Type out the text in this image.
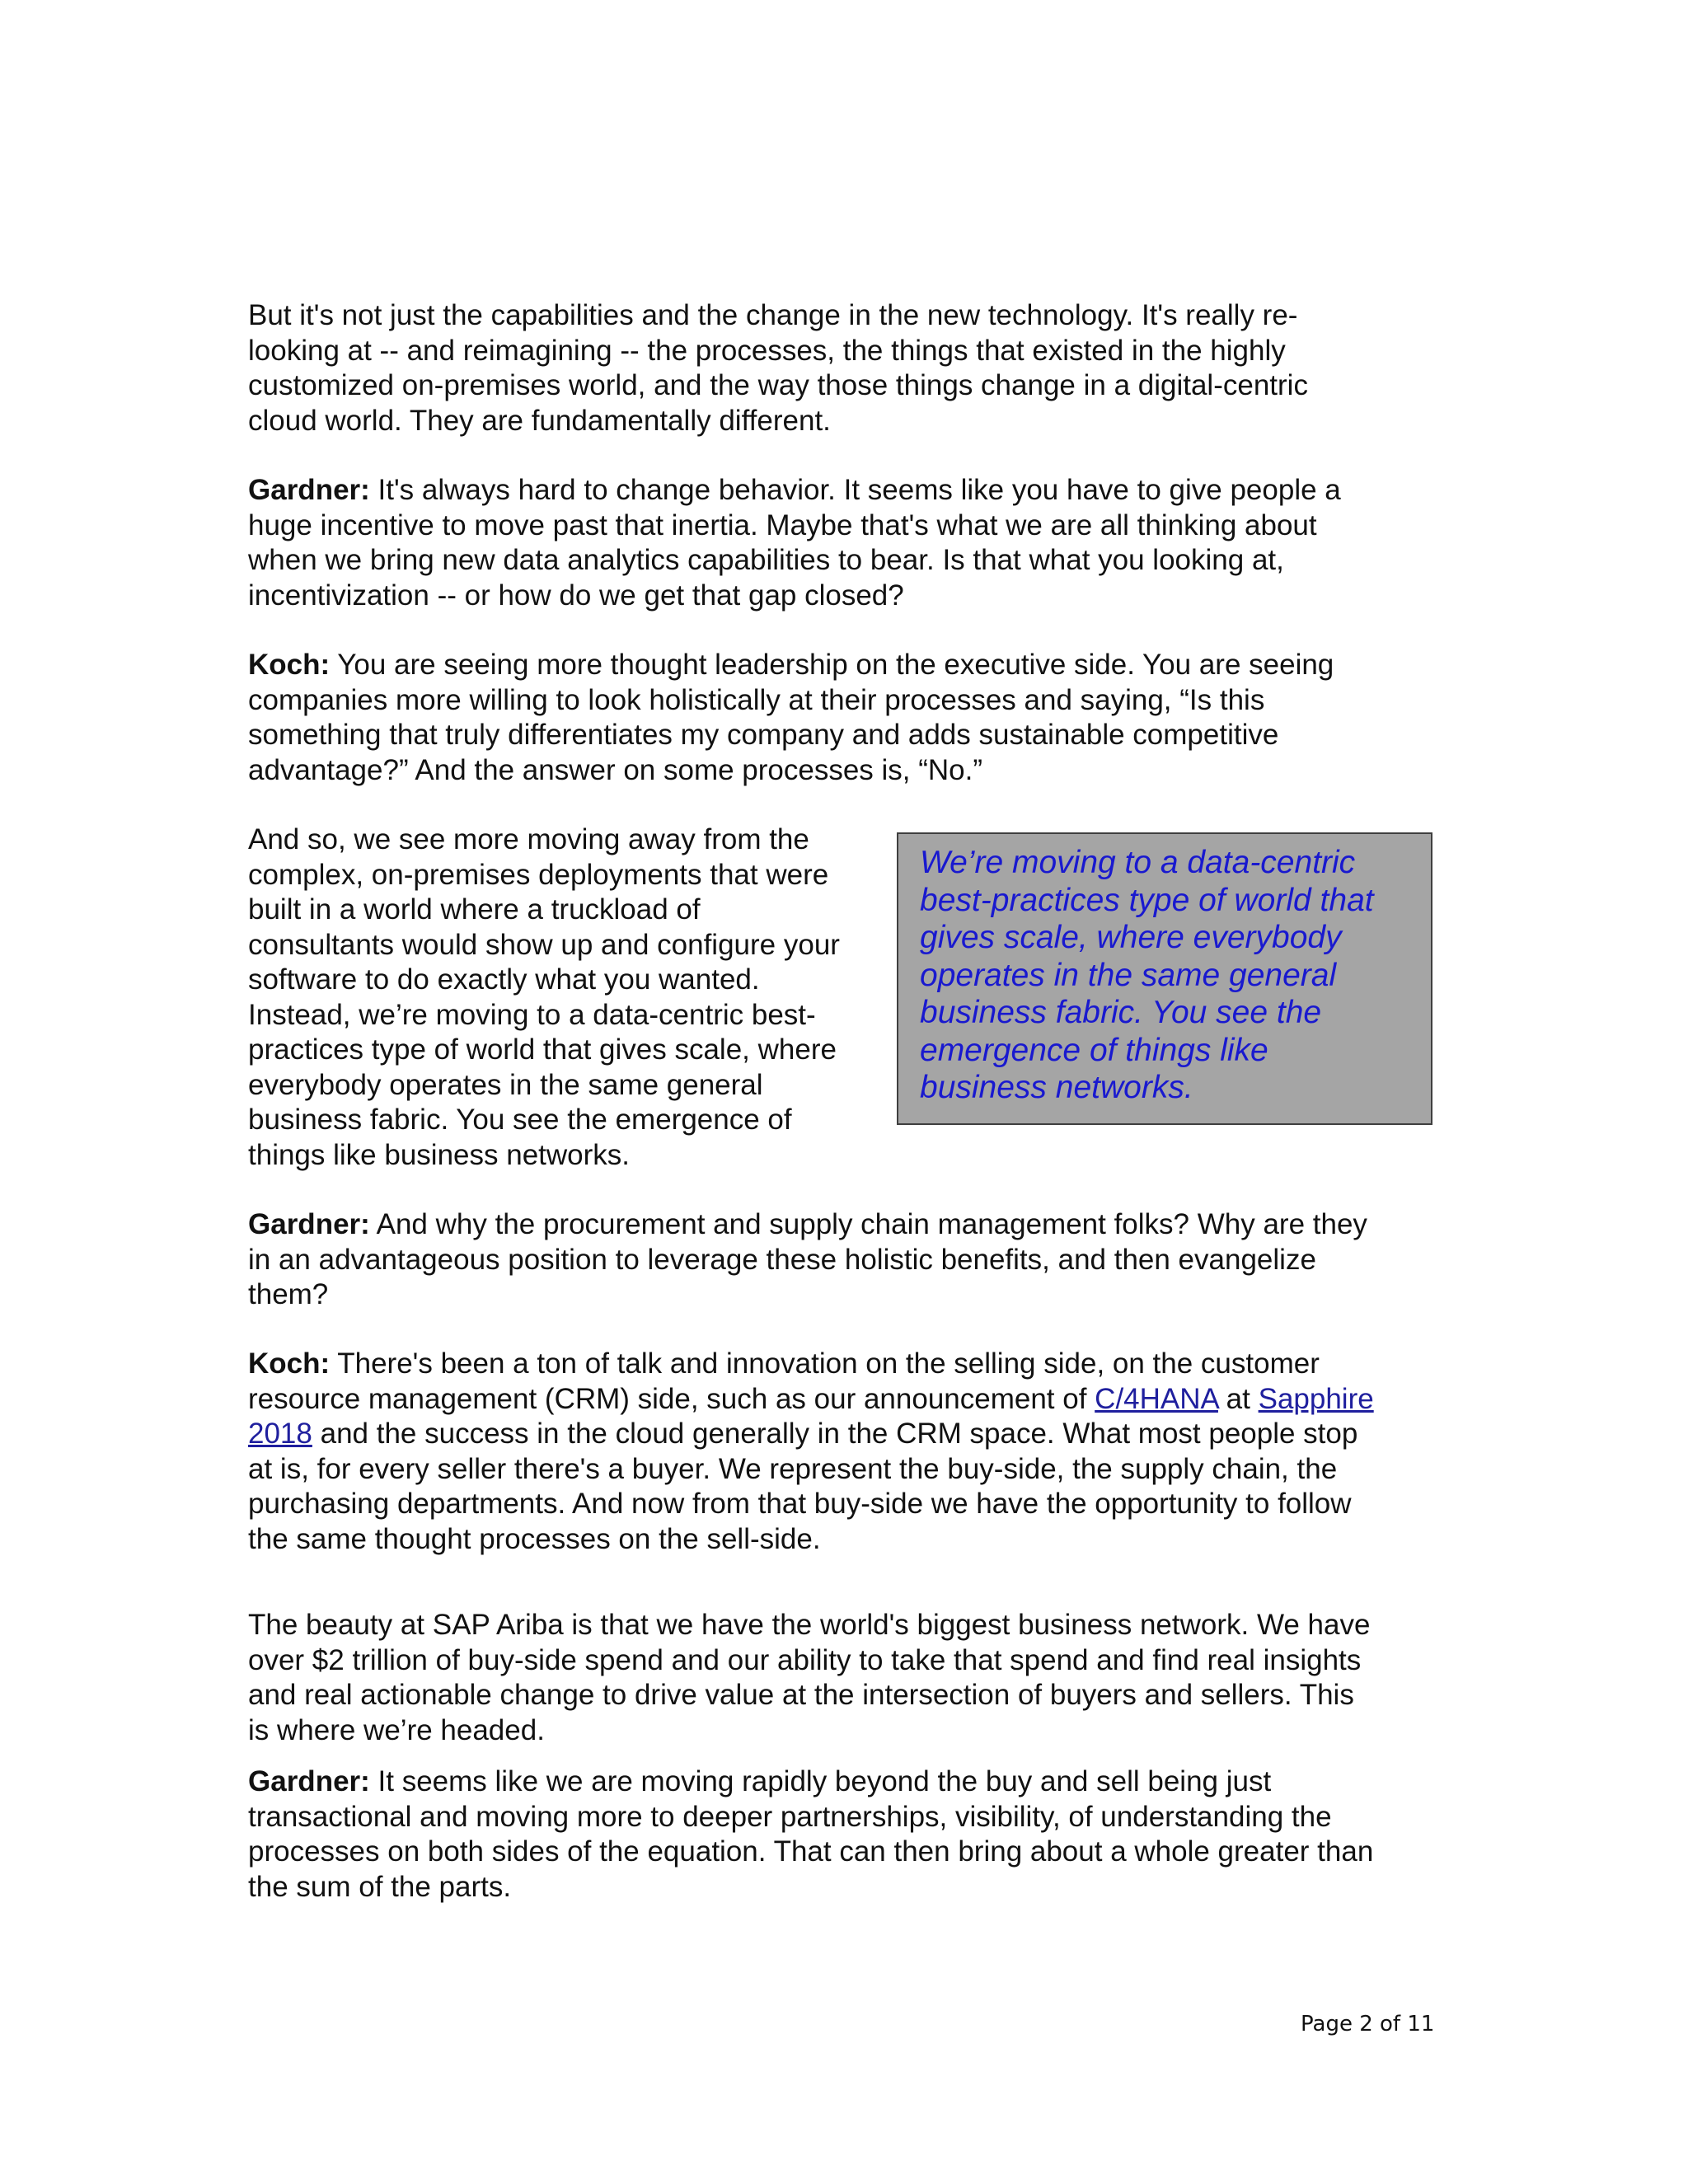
But it's not just the capabilities and the change in the new technology. It's really re-
looking at -- and reimagining -- the processes, the things that existed in the highly
customized on-premises world, and the way those things change in a digital-centric
cloud world. They are fundamentally different.

Gardner: It's always hard to change behavior. It seems like you have to give people a
huge incentive to move past that inertia. Maybe that's what we are all thinking about
when we bring new data analytics capabilities to bear. Is that what you looking at,
incentivization -- or how do we get that gap closed?

Koch: You are seeing more thought leadership on the executive side. You are seeing
companies more willing to look holistically at their processes and saying, “Is this
something that truly differentiates my company and adds sustainable competitive
advantage?” And the answer on some processes is, “No.”

And so, we see more moving away from the
complex, on-premises deployments that were
built in a world where a truckload of
consultants would show up and configure your
software to do exactly what you wanted.
Instead, we’re moving to a data-centric best-
practices type of world that gives scale, where
everybody operates in the same general
business fabric. You see the emergence of
things like business networks.

We’re moving to a data-centric
best-practices type of world that
gives scale, where everybody
operates in the same general
business fabric. You see the
emergence of things like
business networks.

Gardner: And why the procurement and supply chain management folks? Why are they
in an advantageous position to leverage these holistic benefits, and then evangelize
them?

Koch: There's been a ton of talk and innovation on the selling side, on the customer
resource management (CRM) side, such as our announcement of C/4HANA at Sapphire
2018 and the success in the cloud generally in the CRM space. What most people stop
at is, for every seller there's a buyer. We represent the buy-side, the supply chain, the
purchasing departments. And now from that buy-side we have the opportunity to follow
the same thought processes on the sell-side.

The beauty at SAP Ariba is that we have the world's biggest business network. We have
over $2 trillion of buy-side spend and our ability to take that spend and find real insights
and real actionable change to drive value at the intersection of buyers and sellers. This
is where we’re headed.

Gardner: It seems like we are moving rapidly beyond the buy and sell being just
transactional and moving more to deeper partnerships, visibility, of understanding the
processes on both sides of the equation. That can then bring about a whole greater than
the sum of the parts.

Page 2 of 11
